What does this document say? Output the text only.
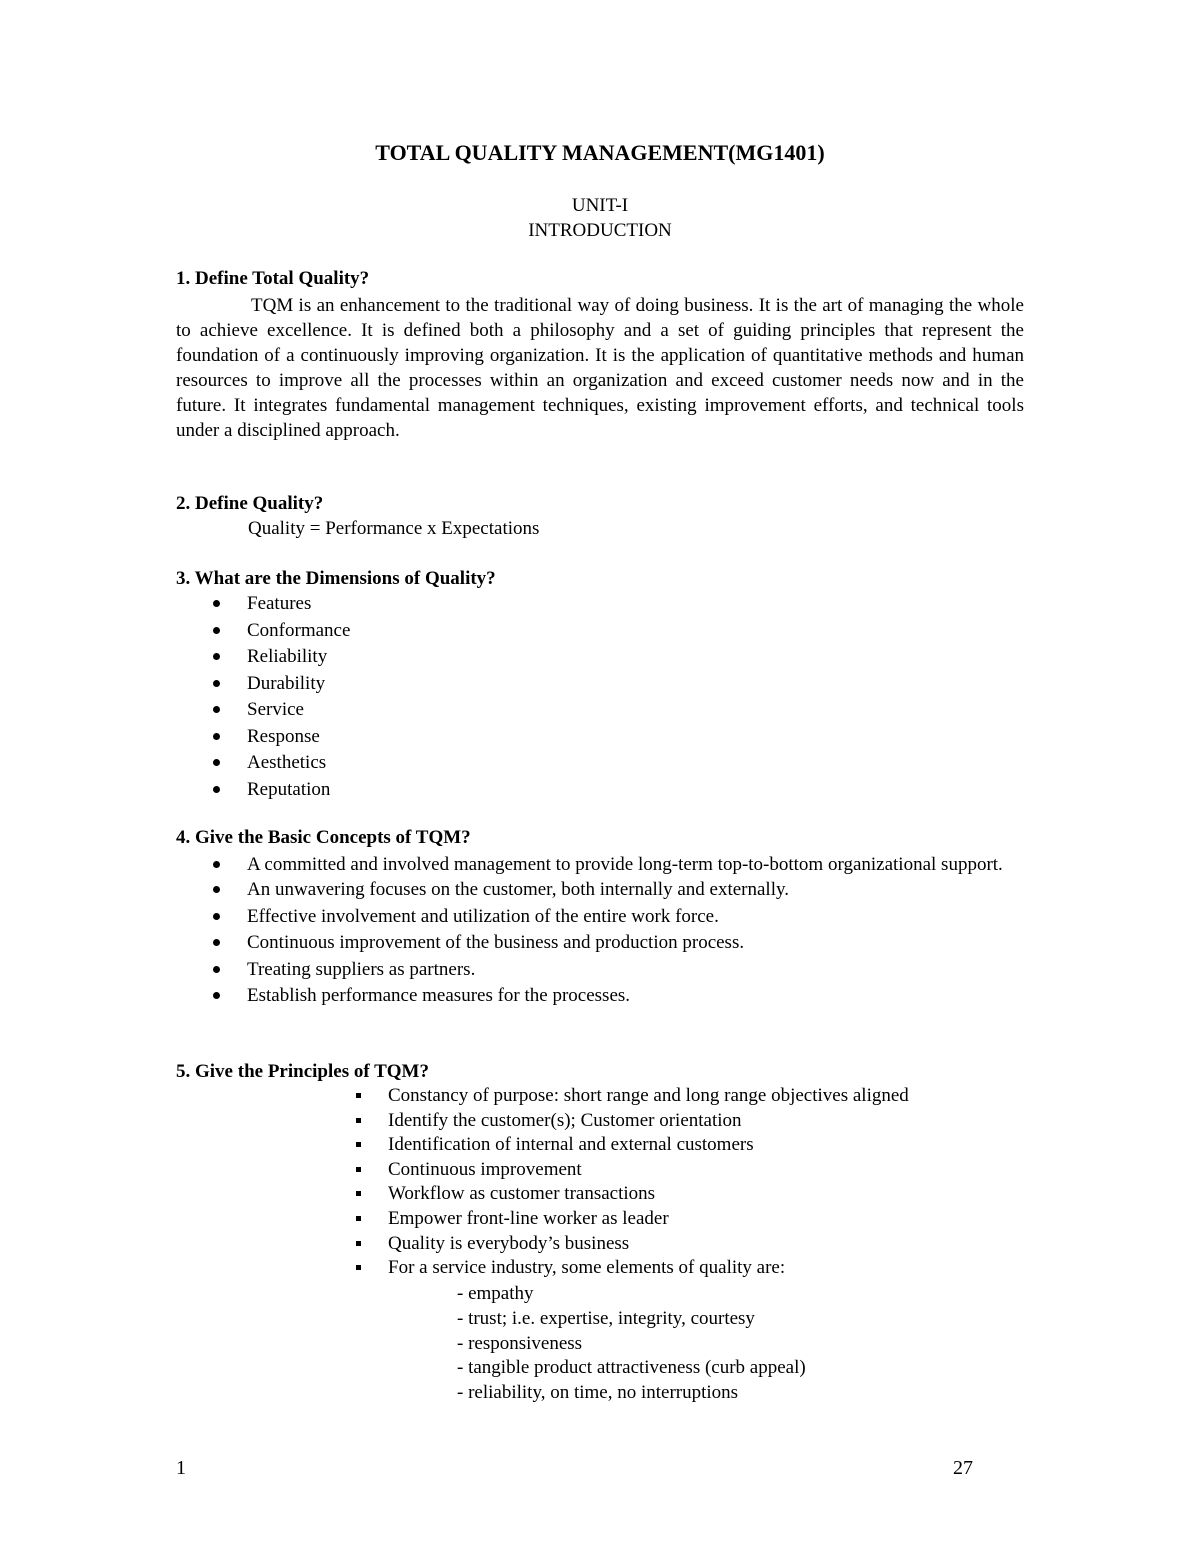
TOTAL QUALITY MANAGEMENT(MG1401)
UNIT-I
INTRODUCTION
1. Define Total Quality?
TQM is an enhancement to the traditional way of doing business. It is the art of managing the whole to achieve excellence. It is defined both a philosophy and a set of guiding principles that represent the foundation of a continuously improving organization. It is the application of quantitative methods and human resources to improve all the processes within an organization and exceed customer needs now and in the future. It integrates fundamental management techniques, existing improvement efforts, and technical tools under a disciplined approach.
2. Define Quality?
Quality = Performance x Expectations
3. What are the Dimensions of Quality?
Features
Conformance
Reliability
Durability
Service
Response
Aesthetics
Reputation
4. Give the Basic Concepts of TQM?
A committed and involved management to provide long-term top-to-bottom organizational support.
An unwavering focuses on the customer, both internally and externally.
Effective involvement and utilization of the entire work force.
Continuous improvement of the business and production process.
Treating suppliers as partners.
Establish performance measures for the processes.
5. Give the Principles of TQM?
Constancy of purpose: short range and long range objectives aligned
Identify the customer(s); Customer orientation
Identification of internal and external customers
Continuous improvement
Workflow as customer transactions
Empower front-line worker as leader
Quality is everybody’s business
For a service industry, some elements of quality are:
- empathy
- trust; i.e. expertise, integrity, courtesy
- responsiveness
- tangible product attractiveness (curb appeal)
- reliability, on time, no interruptions
1	27
